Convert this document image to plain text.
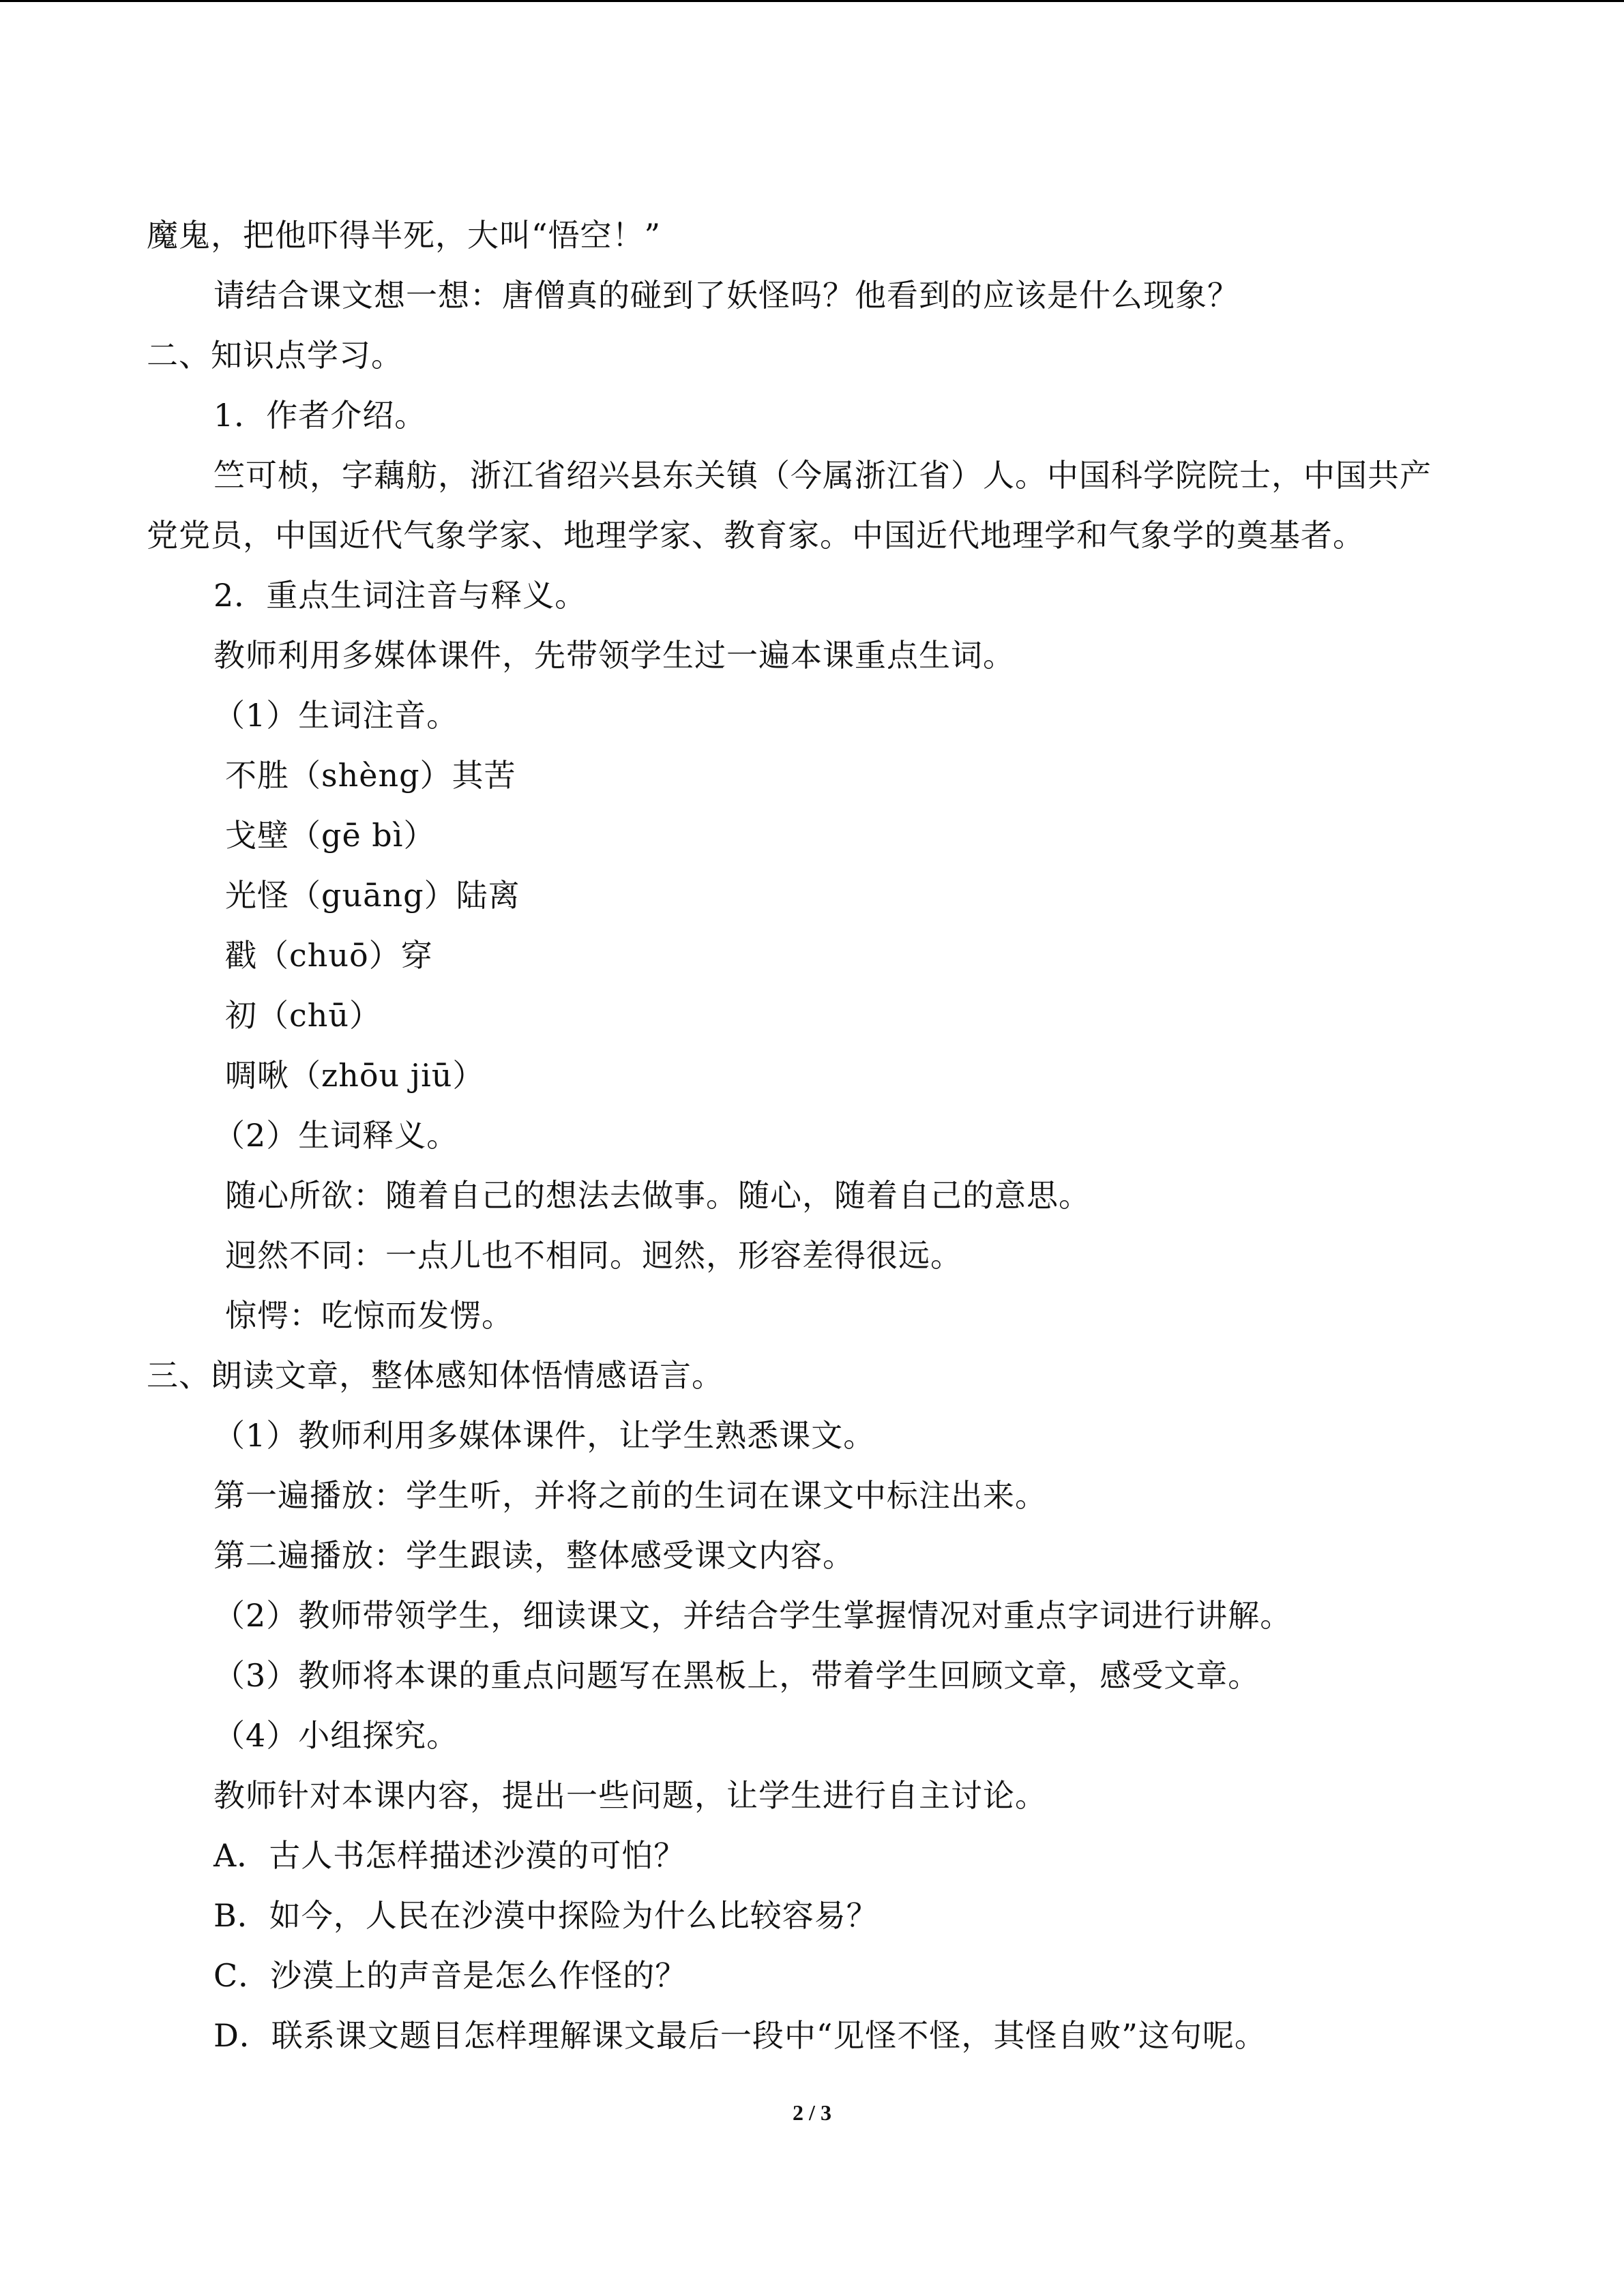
魔鬼，把他吓得半死，大叫“悟空！”
请结合课文想一想：唐僧真的碰到了妖怪吗？他看到的应该是什么现象？
二、知识点学习。
1．作者介绍。
竺可桢，字藕舫，浙江省绍兴县东关镇（今属浙江省）人。中国科学院院士，中国共产
党党员，中国近代气象学家、地理学家、教育家。中国近代地理学和气象学的奠基者。
2．重点生词注音与释义。
教师利用多媒体课件，先带领学生过一遍本课重点生词。
（1）生词注音。
不胜（shèng）其苦
戈壁（gē bì）
光怪（guāng）陆离
戳（chuō）穿
初（chū）
啁啾（zhōu jiū）
（2）生词释义。
随心所欲：随着自己的想法去做事。随心，随着自己的意思。
迥然不同：一点儿也不相同。迥然，形容差得很远。
惊愕：吃惊而发愣。
三、朗读文章，整体感知体悟情感语言。
（1）教师利用多媒体课件，让学生熟悉课文。
第一遍播放：学生听，并将之前的生词在课文中标注出来。
第二遍播放：学生跟读，整体感受课文内容。
（2）教师带领学生，细读课文，并结合学生掌握情况对重点字词进行讲解。
（3）教师将本课的重点问题写在黑板上，带着学生回顾文章，感受文章。
（4）小组探究。
教师针对本课内容，提出一些问题，让学生进行自主讨论。
A．古人书怎样描述沙漠的可怕？
B．如今，人民在沙漠中探险为什么比较容易？
C．沙漠上的声音是怎么作怪的？
D．联系课文题目怎样理解课文最后一段中“见怪不怪，其怪自败”这句呢。
2 / 3
